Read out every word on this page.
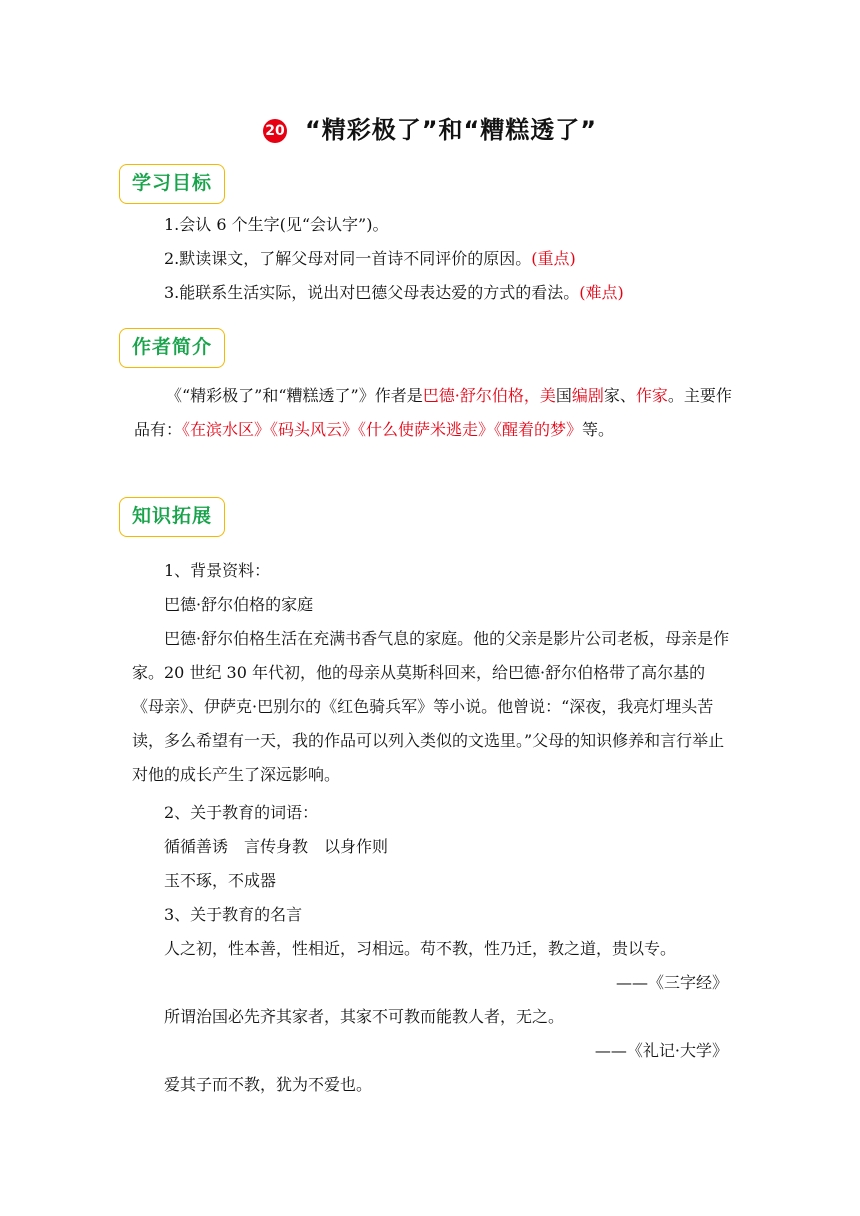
20 “精彩极了”和“糟糕透了”
学习目标
1.会认 6 个生字(见“会认字”)。
2.默读课文，了解父母对同一首诗不同评价的原因。(重点)
3.能联系生活实际，说出对巴德父母表达爱的方式的看法。(难点)
作者简介
《“精彩极了”和“糟糕透了”》作者是巴德·舒尔伯格，美国编剧家、作家。主要作品有：《在滨水区》《码头风云》《什么使萨米逃走》《醒着的梦》等。
知识拓展
1、背景资料：
巴德·舒尔伯格的家庭
巴德·舒尔伯格生活在充满书香气息的家庭。他的父亲是影片公司老板，母亲是作家。20 世纪 30 年代初，他的母亲从莫斯科回来，给巴德·舒尔伯格带了高尔基的《母亲》、伊萨克·巴别尔的《红色骑兵军》等小说。他曾说：“深夜，我亮灯埋头苦读，多么希望有一天，我的作品可以列入类似的文选里。”父母的知识修养和言行举止对他的成长产生了深远影响。
2、关于教育的词语：
循循善诱　言传身教　以身作则
玉不琢，不成器
3、关于教育的名言
人之初，性本善，性相近，习相远。苟不教，性乃迁，教之道，贵以专。
——《三字经》
所谓治国必先齐其家者，其家不可教而能教人者，无之。
——《礼记·大学》
爱其子而不教，犹为不爱也。
